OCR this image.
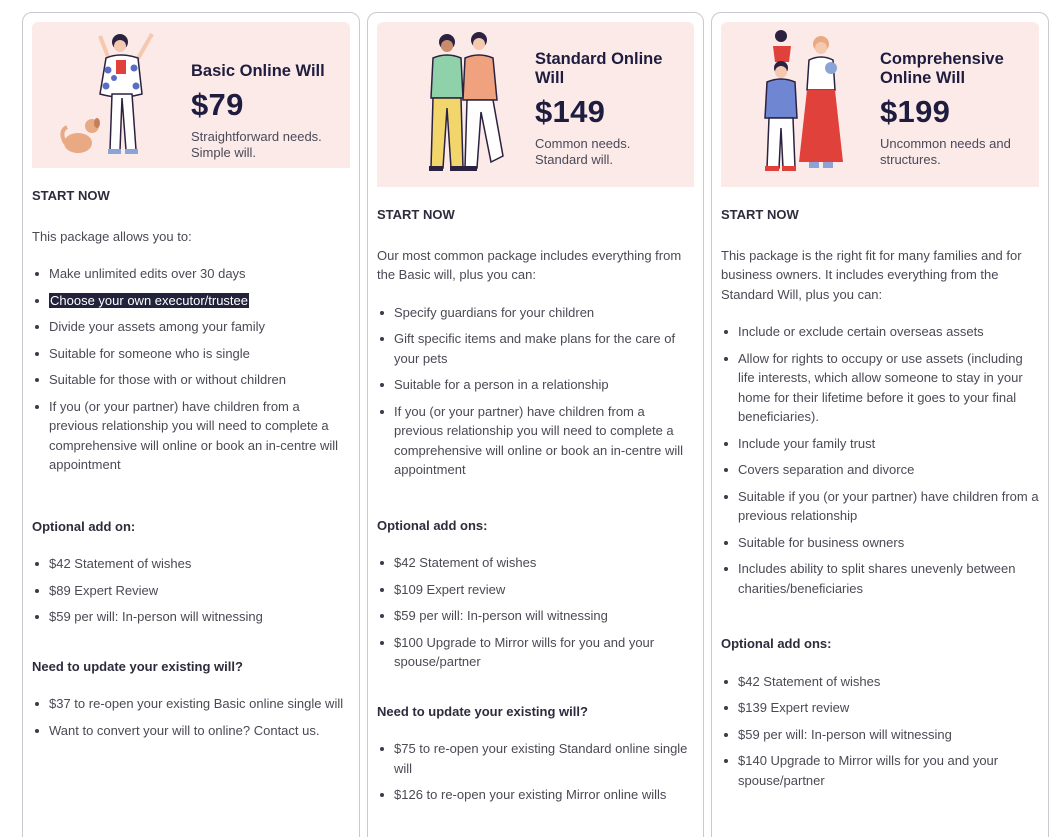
Basic Online Will
$79
Straightforward needs.
Simple will.
START NOW
This package allows you to:
Make unlimited edits over 30 days
Choose your own executor/trustee
Divide your assets among your family
Suitable for someone who is single
Suitable for those with or without children
If you (or your partner) have children from a previous relationship you will need to complete a comprehensive will online or book an in-centre will appointment
Optional add on:
$42 Statement of wishes
$89 Expert Review
$59 per will: In-person will witnessing
Need to update your existing will?
$37 to re-open your existing Basic online single will
Want to convert your will to online? Contact us.
Standard Online Will
$149
Common needs.
Standard will.
START NOW
Our most common package includes everything from the Basic will, plus you can:
Specify guardians for your children
Gift specific items and make plans for the care of your pets
Suitable for a person in a relationship
If you (or your partner) have children from a previous relationship you will need to complete a comprehensive will online or book an in-centre will appointment
Optional add ons:
$42 Statement of wishes
$109 Expert review
$59 per will: In-person will witnessing
$100 Upgrade to Mirror wills for you and your spouse/partner
Need to update your existing will?
$75 to re-open your existing Standard online single will
$126 to re-open your existing Mirror online wills
Comprehensive Online Will
$199
Uncommon needs and
structures.
START NOW
This package is the right fit for many families and for business owners. It includes everything from the Standard Will, plus you can:
Include or exclude certain overseas assets
Allow for rights to occupy or use assets (including life interests, which allow someone to stay in your home for their lifetime before it goes to your final beneficiaries).
Include your family trust
Covers separation and divorce
Suitable if you (or your partner) have children from a previous relationship
Suitable for business owners
Includes ability to split shares unevenly between charities/beneficiaries
Optional add ons:
$42 Statement of wishes
$139 Expert review
$59 per will: In-person will witnessing
$140 Upgrade to Mirror wills for you and your spouse/partner
